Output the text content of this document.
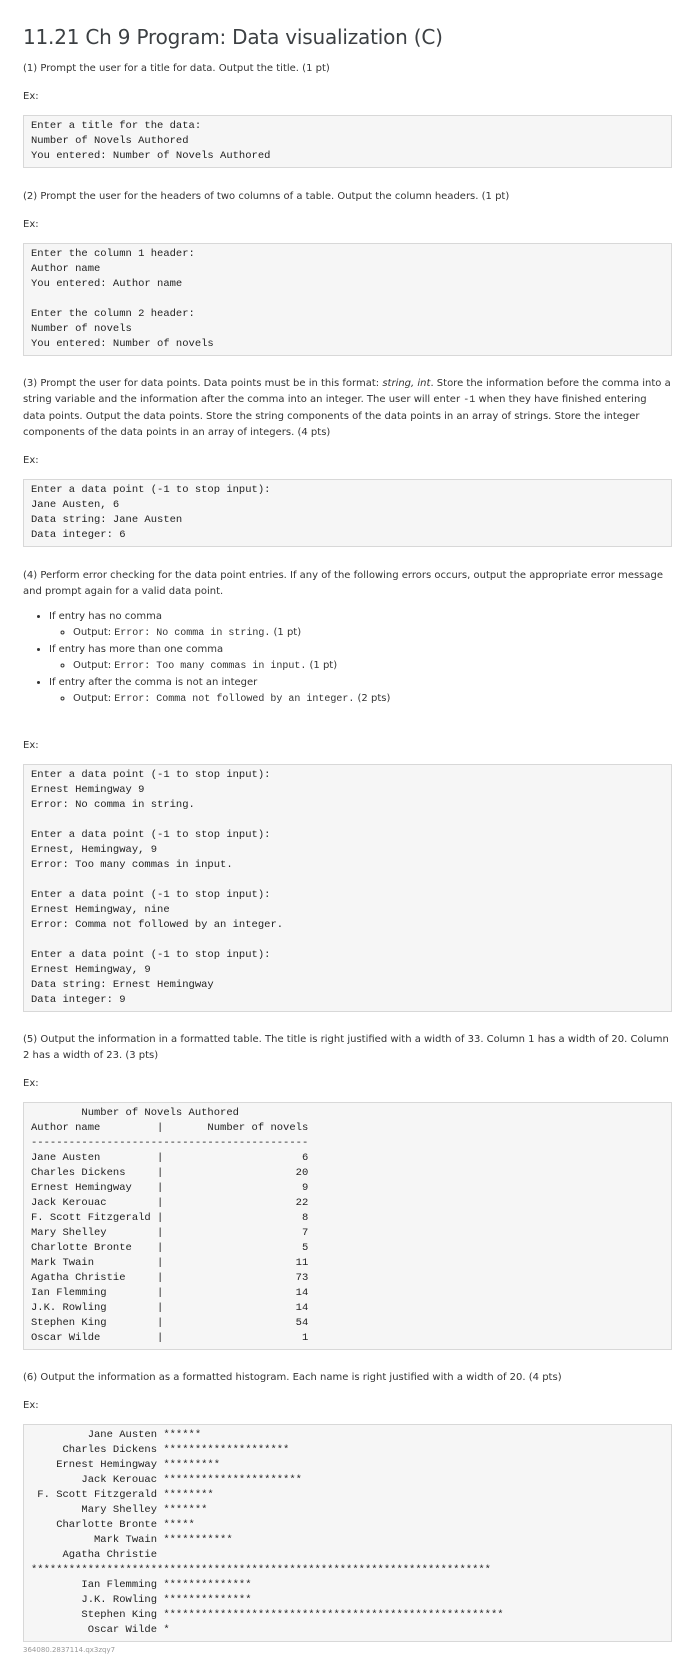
11.21 Ch 9 Program: Data visualization (C)

(1) Prompt the user for a title for data. Output the title. (1 pt)

Ex:

Enter a title for the data:
Number of Novels Authored
You entered: Number of Novels Authored

(2) Prompt the user for the headers of two columns of a table. Output the column headers. (1 pt)

Ex:

Enter the column 1 header:
Author name
You entered: Author name

Enter the column 2 header:
Number of novels
You entered: Number of novels

(3) Prompt the user for data points. Data points must be in this format: string, int. Store the information before the comma into a string variable and the information after the comma into an integer. The user will enter -1 when they have finished entering data points. Output the data points. Store the string components of the data points in an array of strings. Store the integer components of the data points in an array of integers. (4 pts)

Ex:

Enter a data point (-1 to stop input):
Jane Austen, 6
Data string: Jane Austen
Data integer: 6

(4) Perform error checking for the data point entries. If any of the following errors occurs, output the appropriate error message and prompt again for a valid data point.

• If entry has no comma
◦ Output: Error: No comma in string. (1 pt)
• If entry has more than one comma
◦ Output: Error: Too many commas in input. (1 pt)
• If entry after the comma is not an integer
◦ Output: Error: Comma not followed by an integer. (2 pts)

Ex:

Enter a data point (-1 to stop input):
Ernest Hemingway 9
Error: No comma in string.

Enter a data point (-1 to stop input):
Ernest, Hemingway, 9
Error: Too many commas in input.

Enter a data point (-1 to stop input):
Ernest Hemingway, nine
Error: Comma not followed by an integer.

Enter a data point (-1 to stop input):
Ernest Hemingway, 9
Data string: Ernest Hemingway
Data integer: 9

(5) Output the information in a formatted table. The title is right justified with a width of 33. Column 1 has a width of 20. Column 2 has a width of 23. (3 pts)

Ex:

Number of Novels Authored
Author name         |       Number of novels
--------------------------------------------
Jane Austen         |                      6
Charles Dickens     |                     20
Ernest Hemingway    |                      9
Jack Kerouac        |                     22
F. Scott Fitzgerald |                      8
Mary Shelley        |                      7
Charlotte Bronte    |                      5
Mark Twain          |                     11
Agatha Christie     |                     73
Ian Flemming        |                     14
J.K. Rowling        |                     14
Stephen King        |                     54
Oscar Wilde         |                      1

(6) Output the information as a formatted histogram. Each name is right justified with a width of 20. (4 pts)

Ex:

Jane Austen ******
Charles Dickens ********************
Ernest Hemingway *********
Jack Kerouac **********************
F. Scott Fitzgerald ********
Mary Shelley *******
Charlotte Bronte *****
Mark Twain ***********
Agatha Christie
*************************************************************************
Ian Flemming **************
J.K. Rowling **************
Stephen King ******************************************************
Oscar Wilde *
364080.2837114.qx3zqy7
